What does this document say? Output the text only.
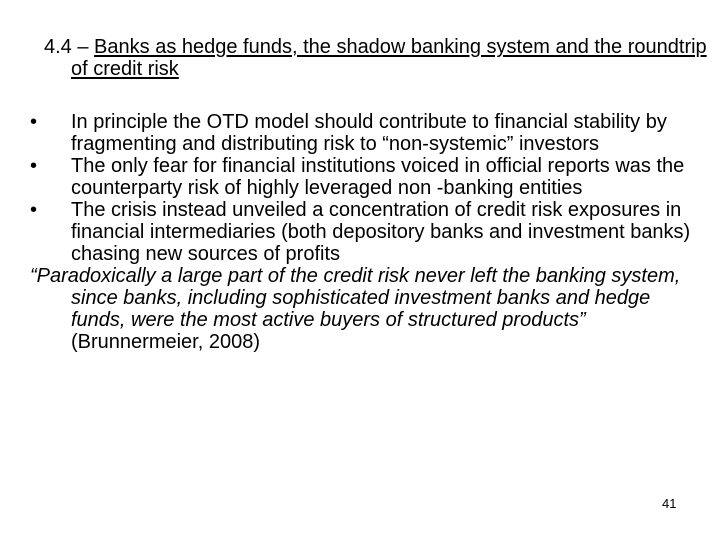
4.4 – Banks as hedge funds, the shadow banking system and the roundtrip of credit risk
• In principle the OTD model should contribute to financial stability by fragmenting and distributing risk to “non-systemic” investors
• The only fear for financial institutions voiced in official reports was the counterparty risk of highly leveraged non -banking entities
• The crisis instead unveiled a concentration of credit risk exposures in financial intermediaries (both depository banks and investment banks) chasing new sources of profits
“Paradoxically a large part of the credit risk never left the banking system, since banks, including sophisticated investment banks and hedge funds, were the most active buyers of structured products” (Brunnermeier, 2008)
41
